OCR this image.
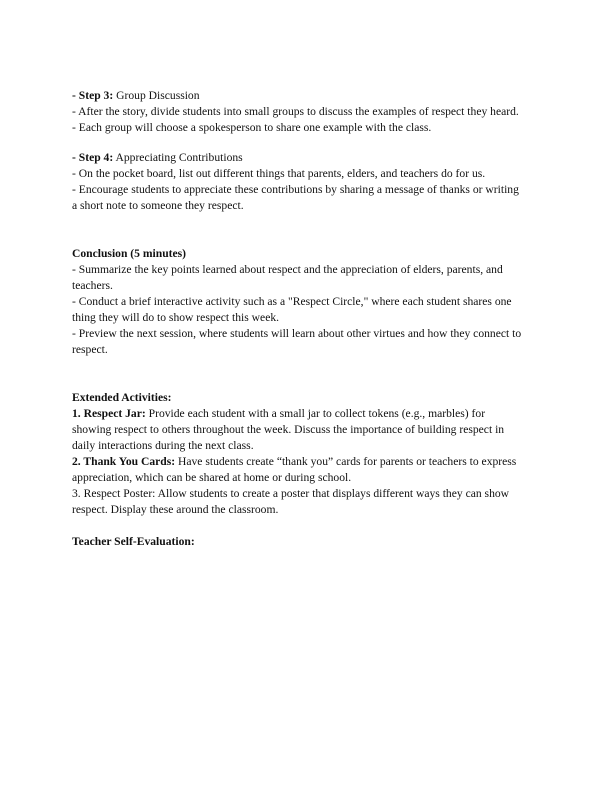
- Step 3: Group Discussion
- After the story, divide students into small groups to discuss the examples of respect they heard.
- Each group will choose a spokesperson to share one example with the class.
- Step 4: Appreciating Contributions
- On the pocket board, list out different things that parents, elders, and teachers do for us.
- Encourage students to appreciate these contributions by sharing a message of thanks or writing
a short note to someone they respect.
Conclusion (5 minutes)
- Summarize the key points learned about respect and the appreciation of elders, parents, and
teachers.
- Conduct a brief interactive activity such as a "Respect Circle," where each student shares one
thing they will do to show respect this week.
- Preview the next session, where students will learn about other virtues and how they connect to
respect.
Extended Activities:
1. Respect Jar: Provide each student with a small jar to collect tokens (e.g., marbles) for
showing respect to others throughout the week. Discuss the importance of building respect in
daily interactions during the next class.
2. Thank You Cards: Have students create “thank you” cards for parents or teachers to express
appreciation, which can be shared at home or during school.
3. Respect Poster: Allow students to create a poster that displays different ways they can show
respect. Display these around the classroom.
Teacher Self-Evaluation:
